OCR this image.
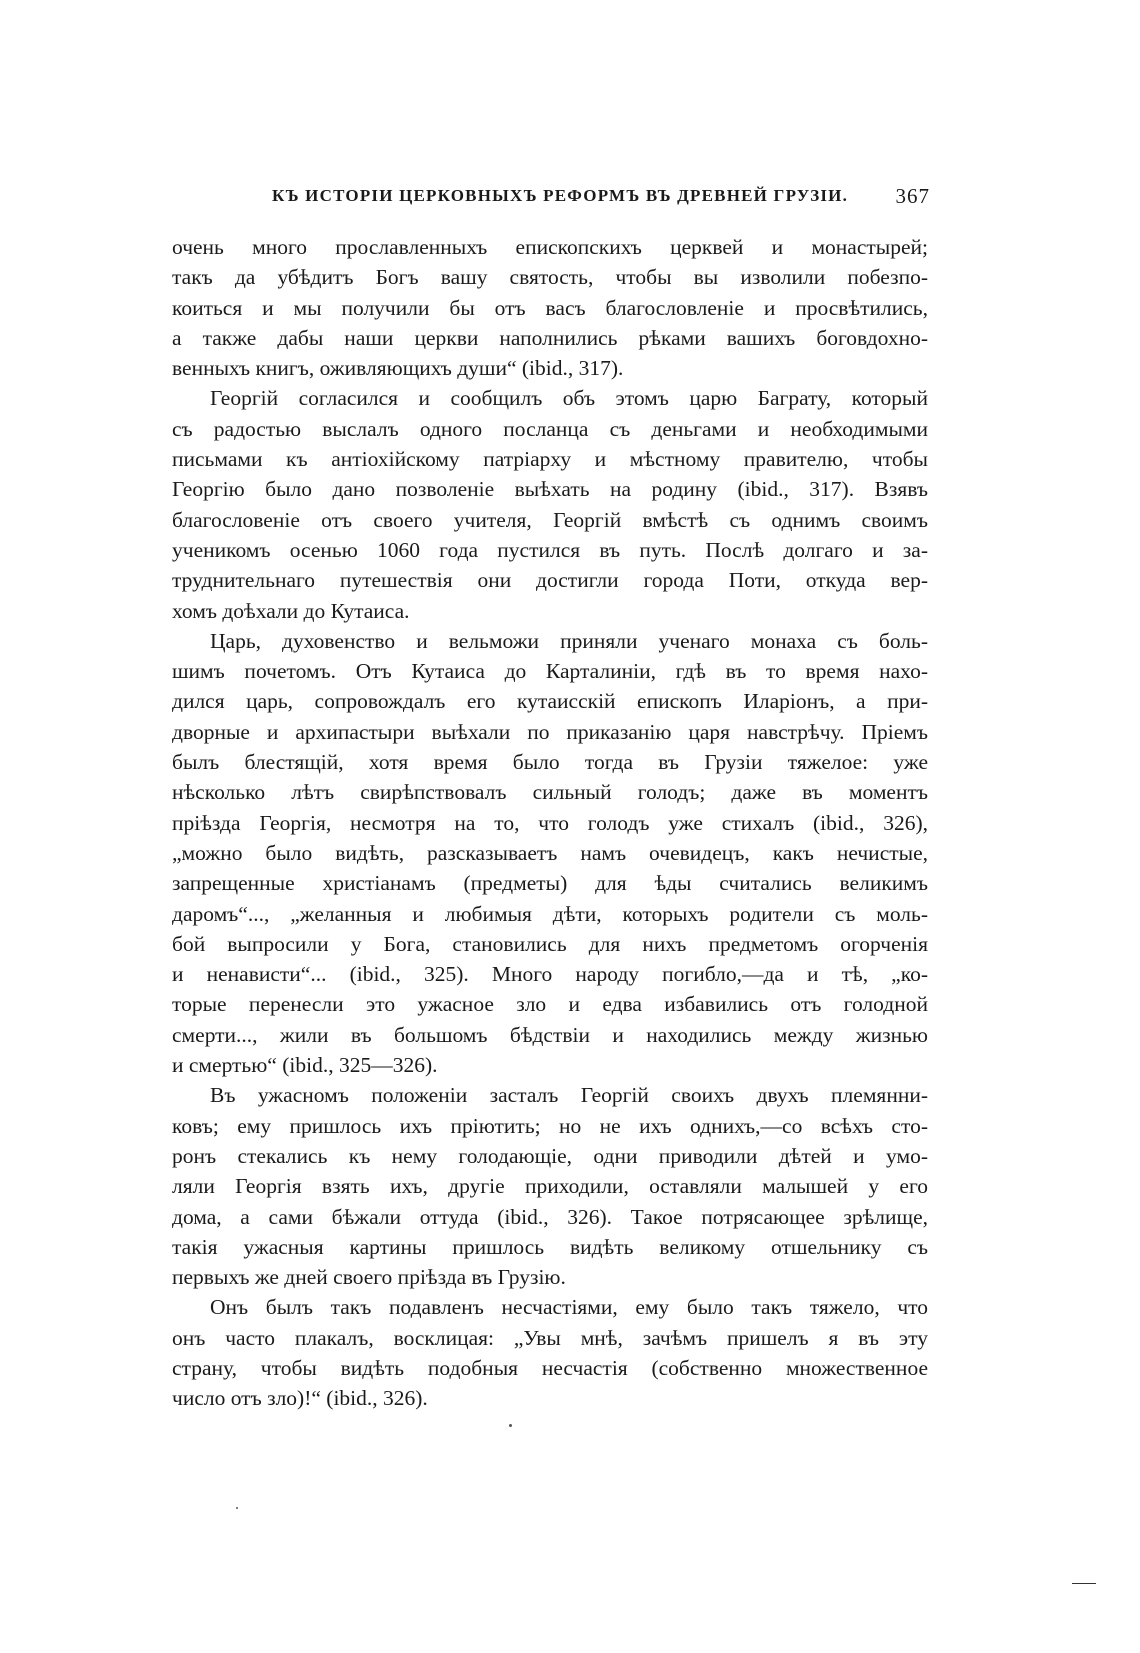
КЪ ИСТОРІИ ЦЕРКОВНЫХЪ РЕФОРМЪ ВЪ ДРЕВНЕЙ ГРУЗІИ. 367
очень много прославленныхъ епископскихъ церквей и монастырей;
такъ да убѣдитъ Богъ вашу святость, чтобы вы изволили побезпо-
коиться и мы получили бы отъ васъ благословленіе и просвѣтились,
а также дабы наши церкви наполнились рѣками вашихъ боговдохно-
венныхъ книгъ, оживляющихъ души“ (ibid., 317).
Георгій согласился и сообщилъ объ этомъ царю Баграту, который
съ радостью выслалъ одного посланца съ деньгами и необходимыми
письмами къ антіохійскому патріарху и мѣстному правителю, чтобы
Георгію было дано позволеніе выѣхать на родину (ibid., 317). Взявъ
благословеніе отъ своего учителя, Георгій вмѣстѣ съ однимъ своимъ
ученикомъ осенью 1060 года пустился въ путь. Послѣ долгаго и за-
труднительнаго путешествія они достигли города Поти, откуда вер-
хомъ доѣхали до Кутаиса.
Царь, духовенство и вельможи приняли ученаго монаха съ боль-
шимъ почетомъ. Отъ Кутаиса до Карталиніи, гдѣ въ то время нахо-
дился царь, сопровождалъ его кутаисскій епископъ Иларіонъ, а при-
дворные и архипастыри выѣхали по приказанію царя навстрѣчу. Пріемъ
былъ блестящій, хотя время было тогда въ Грузіи тяжелое: уже
нѣсколько лѣтъ свирѣпствовалъ сильный голодъ; даже въ моментъ
пріѣзда Георгія, несмотря на то, что голодъ уже стихалъ (ibid., 326),
„можно было видѣть, разсказываетъ намъ очевидецъ, какъ нечистые,
запрещенные христіанамъ (предметы) для ѣды считались великимъ
даромъ“..., „желанныя и любимыя дѣти, которыхъ родители съ моль-
бой выпросили у Бога, становились для нихъ предметомъ огорченія
и ненависти“... (ibid., 325). Много народу погибло,—да и тѣ, „ко-
торые перенесли это ужасное зло и едва избавились отъ голодной
смерти..., жили въ большомъ бѣдствіи и находились между жизнью
и смертью“ (ibid., 325—326).
Въ ужасномъ положеніи засталъ Георгій своихъ двухъ племянни-
ковъ; ему пришлось ихъ пріютить; но не ихъ однихъ,—со всѣхъ сто-
ронъ стекались къ нему голодающіе, одни приводили дѣтей и умо-
ляли Георгія взять ихъ, другіе приходили, оставляли малышей у его
дома, а сами бѣжали оттуда (ibid., 326). Такое потрясающее зрѣлище,
такія ужасныя картины пришлось видѣть великому отшельнику съ
первыхъ же дней своего пріѣзда въ Грузію.
Онъ былъ такъ подавленъ несчастіями, ему было такъ тяжело, что
онъ часто плакалъ, восклицая: „Увы мнѣ, зачѣмъ пришелъ я въ эту
страну, чтобы видѣть подобныя несчастія (собственно множественное
число отъ зло)!“ (ibid., 326).
